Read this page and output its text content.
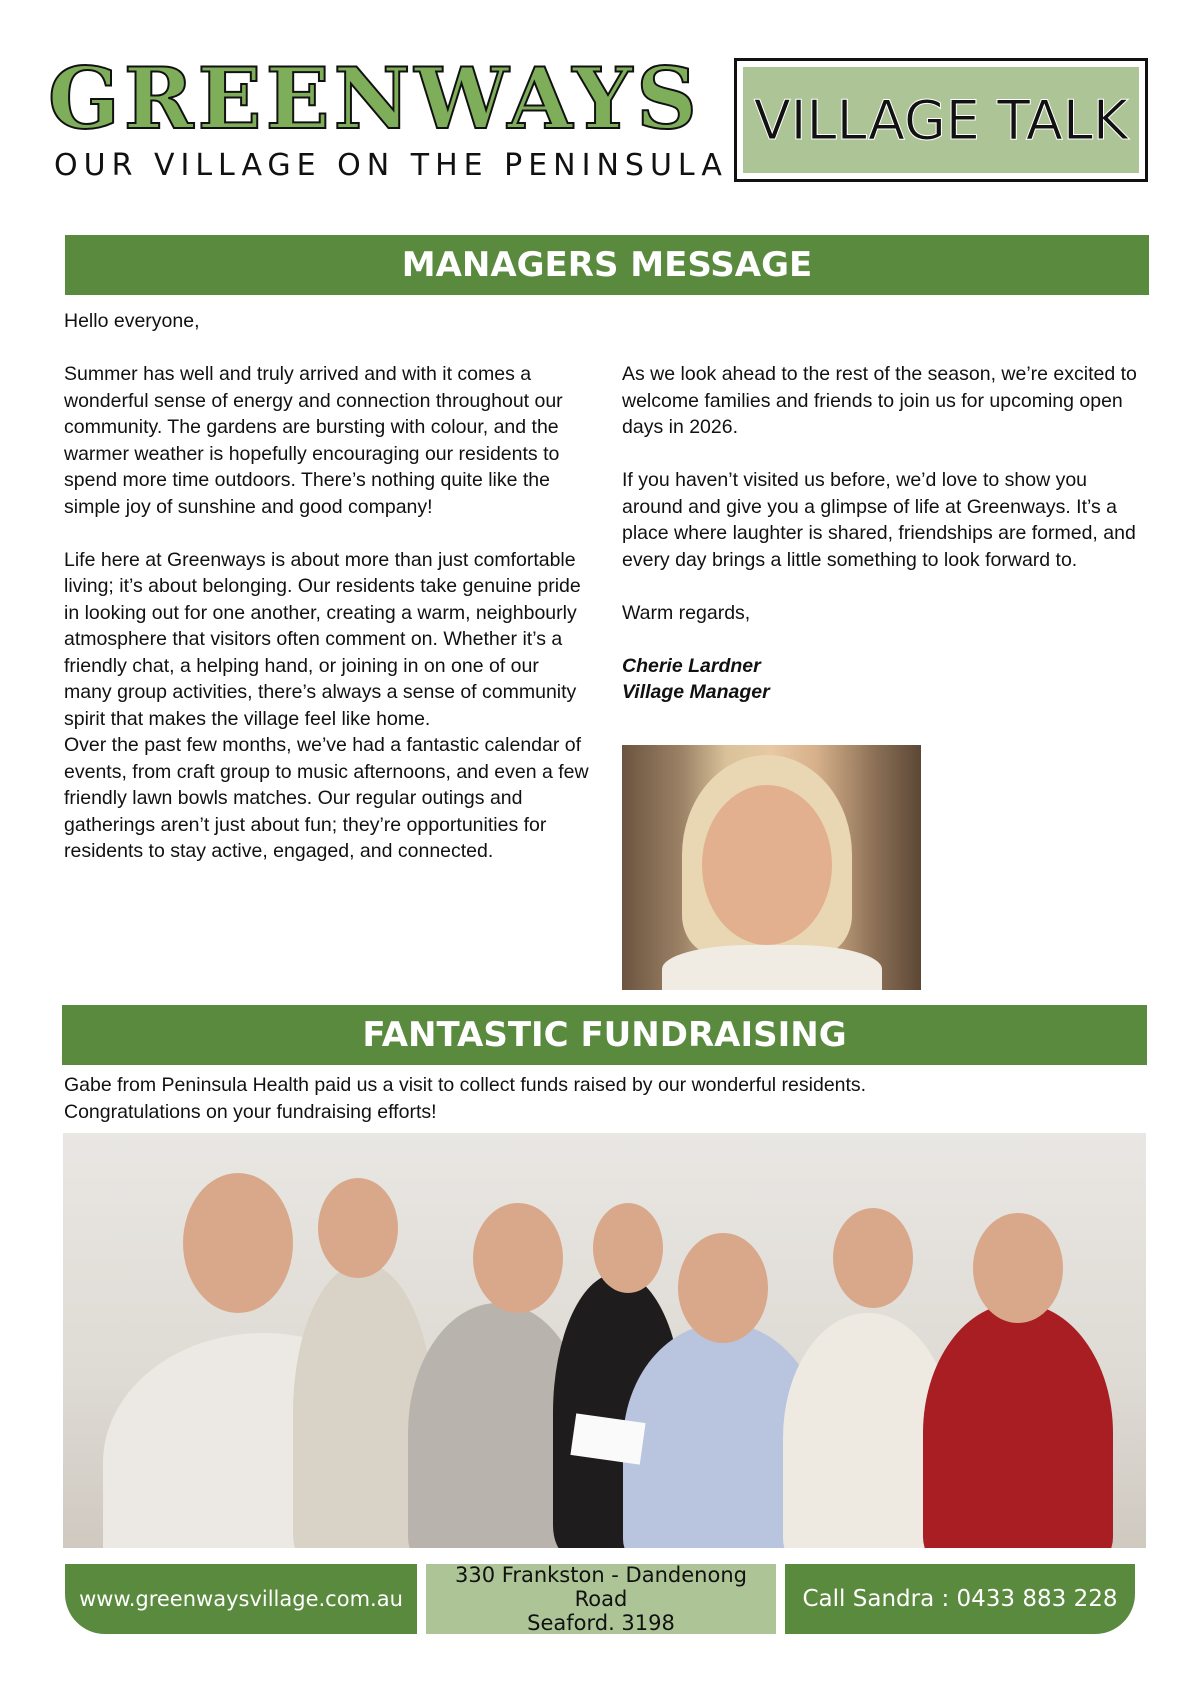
GREENWAYS
OUR VILLAGE ON THE PENINSULA
VILLAGE TALK
MANAGERS MESSAGE

Hello everyone,

Summer has well and truly arrived and with it comes a wonderful sense of energy and connection throughout our community. The gardens are bursting with colour, and the warmer weather is hopefully encouraging our residents to spend more time outdoors. There’s nothing quite like the simple joy of sunshine and good company!

Life here at Greenways is about more than just comfortable living; it’s about belonging. Our residents take genuine pride in looking out for one another, creating a warm, neighbourly atmosphere that visitors often comment on. Whether it’s a friendly chat, a helping hand, or joining in on one of our many group activities, there’s always a sense of community spirit that makes the village feel like home.

Over the past few months, we’ve had a fantastic calendar of events, from craft group to music afternoons, and even a few friendly lawn bowls matches. Our regular outings and gatherings aren’t just about fun; they’re opportunities for residents to stay active, engaged, and connected.

As we look ahead to the rest of the season, we’re excited to welcome families and friends to join us for upcoming open days in 2026.

If you haven’t visited us before, we’d love to show you around and give you a glimpse of life at Greenways. It’s a place where laughter is shared, friendships are formed, and every day brings a little something to look forward to.

Warm regards,

Cherie Lardner
Village Manager
FANTASTIC FUNDRAISING
Gabe from Peninsula Health paid us a visit to collect funds raised by our wonderful residents.
Congratulations on your fundraising efforts!
www.greenwaysvillage.com.au
330 Frankston - Dandenong Road
Seaford. 3198
Call Sandra : 0433 883 228
